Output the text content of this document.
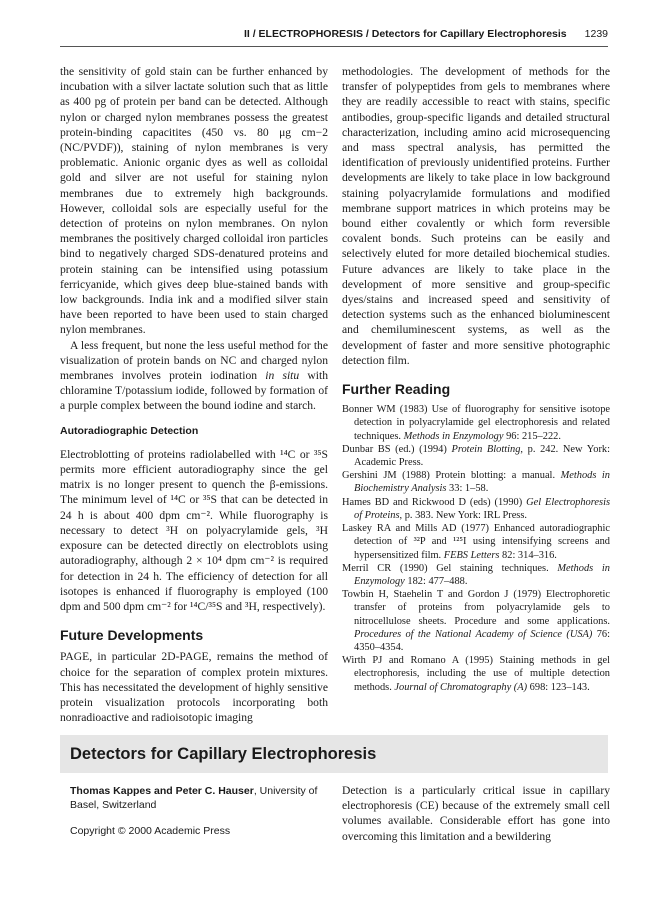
II / ELECTROPHORESIS / Detectors for Capillary Electrophoresis 1239

the sensitivity of gold stain can be further enhanced by incubation with a silver lactate solution such that as little as 400 pg of protein per band can be detected. Although nylon or charged nylon membranes possess the greatest protein-binding capacitites (450 vs. 80 μg cm−2 (NC/PVDF)), staining of nylon membranes is very problematic. Anionic organic dyes as well as colloidal gold and silver are not useful for staining nylon membranes due to extremely high backgrounds. However, colloidal sols are especially useful for the detection of proteins on nylon membranes. On nylon membranes the positively charged colloidal iron particles bind to negatively charged SDS-denatured proteins and protein staining can be intensified using potassium ferricyanide, which gives deep blue-stained bands with low backgrounds. India ink and a modified silver stain have been reported to have been used to stain charged nylon membranes.

A less frequent, but none the less useful method for the visualization of protein bands on NC and charged nylon membranes involves protein iodination in situ with chloramine T/potassium iodide, followed by formation of a purple complex between the bound iodine and starch.

Autoradiographic Detection

Electroblotting of proteins radiolabelled with ¹⁴C or ³⁵S permits more efficient autoradiography since the gel matrix is no longer present to quench the β-emissions. The minimum level of ¹⁴C or ³⁵S that can be detected in 24 h is about 400 dpm cm⁻². While fluorography is necessary to detect ³H on polyacrylamide gels, ³H exposure can be detected directly on electroblots using autoradiography, although 2 × 10⁴ dpm cm⁻² is required for detection in 24 h. The efficiency of detection for all isotopes is enhanced if fluorography is employed (100 dpm and 500 dpm cm⁻² for ¹⁴C/³⁵S and ³H, respectively).

Future Developments

PAGE, in particular 2D-PAGE, remains the method of choice for the separation of complex protein mixtures. This has necessitated the development of highly sensitive protein visualization protocols incorporating both nonradioactive and radioisotopic imaging

methodologies. The development of methods for the transfer of polypeptides from gels to membranes where they are readily accessible to react with stains, specific antibodies, group-specific ligands and detailed structural characterization, including amino acid microsequencing and mass spectral analysis, has permitted the identification of previously unidentified proteins. Further developments are likely to take place in low background staining polyacrylamide formulations and modified membrane support matrices in which proteins may be bound either covalently or which form reversible covalent bonds. Such proteins can be easily and selectively eluted for more detailed biochemical studies. Future advances are likely to take place in the development of more sensitive and group-specific dyes/stains and increased speed and sensitivity of detection systems such as the enhanced bioluminescent and chemiluminescent systems, as well as the development of faster and more sensitive photographic detection film.

Further Reading

Bonner WM (1983) Use of fluorography for sensitive isotope detection in polyacrylamide gel electrophoresis and related techniques. Methods in Enzymology 96: 215–222.

Dunbar BS (ed.) (1994) Protein Blotting, p. 242. New York: Academic Press.

Gershini JM (1988) Protein blotting: a manual. Methods in Biochemistry Analysis 33: 1–58.

Hames BD and Rickwood D (eds) (1990) Gel Electrophoresis of Proteins, p. 383. New York: IRL Press.

Laskey RA and Mills AD (1977) Enhanced autoradiographic detection of ³²P and ¹²⁵I using intensifying screens and hypersensitized film. FEBS Letters 82: 314–316.

Merril CR (1990) Gel staining techniques. Methods in Enzymology 182: 477–488.

Towbin H, Staehelin T and Gordon J (1979) Electrophoretic transfer of proteins from polyacrylamide gels to nitrocellulose sheets. Procedure and some applications. Procedures of the National Academy of Science (USA) 76: 4350–4354.

Wirth PJ and Romano A (1995) Staining methods in gel electrophoresis, including the use of multiple detection methods. Journal of Chromatography (A) 698: 123–143.

Detectors for Capillary Electrophoresis
Thomas Kappes and Peter C. Hauser, University of Basel, Switzerland
Copyright © 2000 Academic Press

Detection is a particularly critical issue in capillary electrophoresis (CE) because of the extremely small cell volumes available. Considerable effort has gone into overcoming this limitation and a bewildering
